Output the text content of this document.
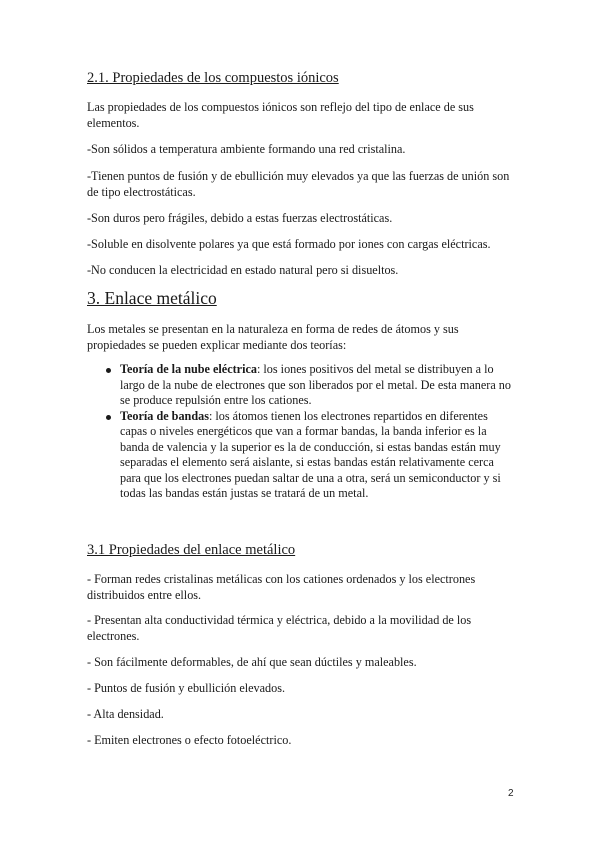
2.1. Propiedades de los compuestos iónicos

Las propiedades de los compuestos iónicos son reflejo del tipo de enlace de sus elementos.

-Son sólidos a temperatura ambiente formando una red cristalina.

-Tienen puntos de fusión y de ebullición muy elevados ya que las fuerzas de unión son de tipo electrostáticas.

-Son duros pero frágiles, debido a estas fuerzas electrostáticas.

-Soluble en disolvente polares ya que está formado por iones con cargas eléctricas.

-No conducen la electricidad en estado natural pero si disueltos.

3. Enlace metálico

Los metales se presentan en la naturaleza en forma de redes de átomos y sus propiedades se pueden explicar mediante dos teorías:

Teoría de la nube eléctrica: los iones positivos del metal se distribuyen a lo largo de la nube de electrones que son liberados por el metal. De esta manera no se produce repulsión entre los cationes.
Teoría de bandas: los átomos tienen los electrones repartidos en diferentes capas o niveles energéticos que van a formar bandas, la banda inferior es la banda de valencia y la superior es la de conducción, si estas bandas están muy separadas el elemento será aislante, si estas bandas están relativamente cerca para que los electrones puedan saltar de una a otra, será un semiconductor y si todas las bandas están justas se tratará de un metal.
3.1 Propiedades del enlace metálico

- Forman redes cristalinas metálicas con los cationes ordenados y los electrones distribuidos entre ellos.

- Presentan alta conductividad térmica y eléctrica, debido a la movilidad de los electrones.

- Son fácilmente deformables, de ahí que sean dúctiles y maleables.

- Puntos de fusión y ebullición elevados.

- Alta densidad.

- Emiten electrones o efecto fotoeléctrico.

2
